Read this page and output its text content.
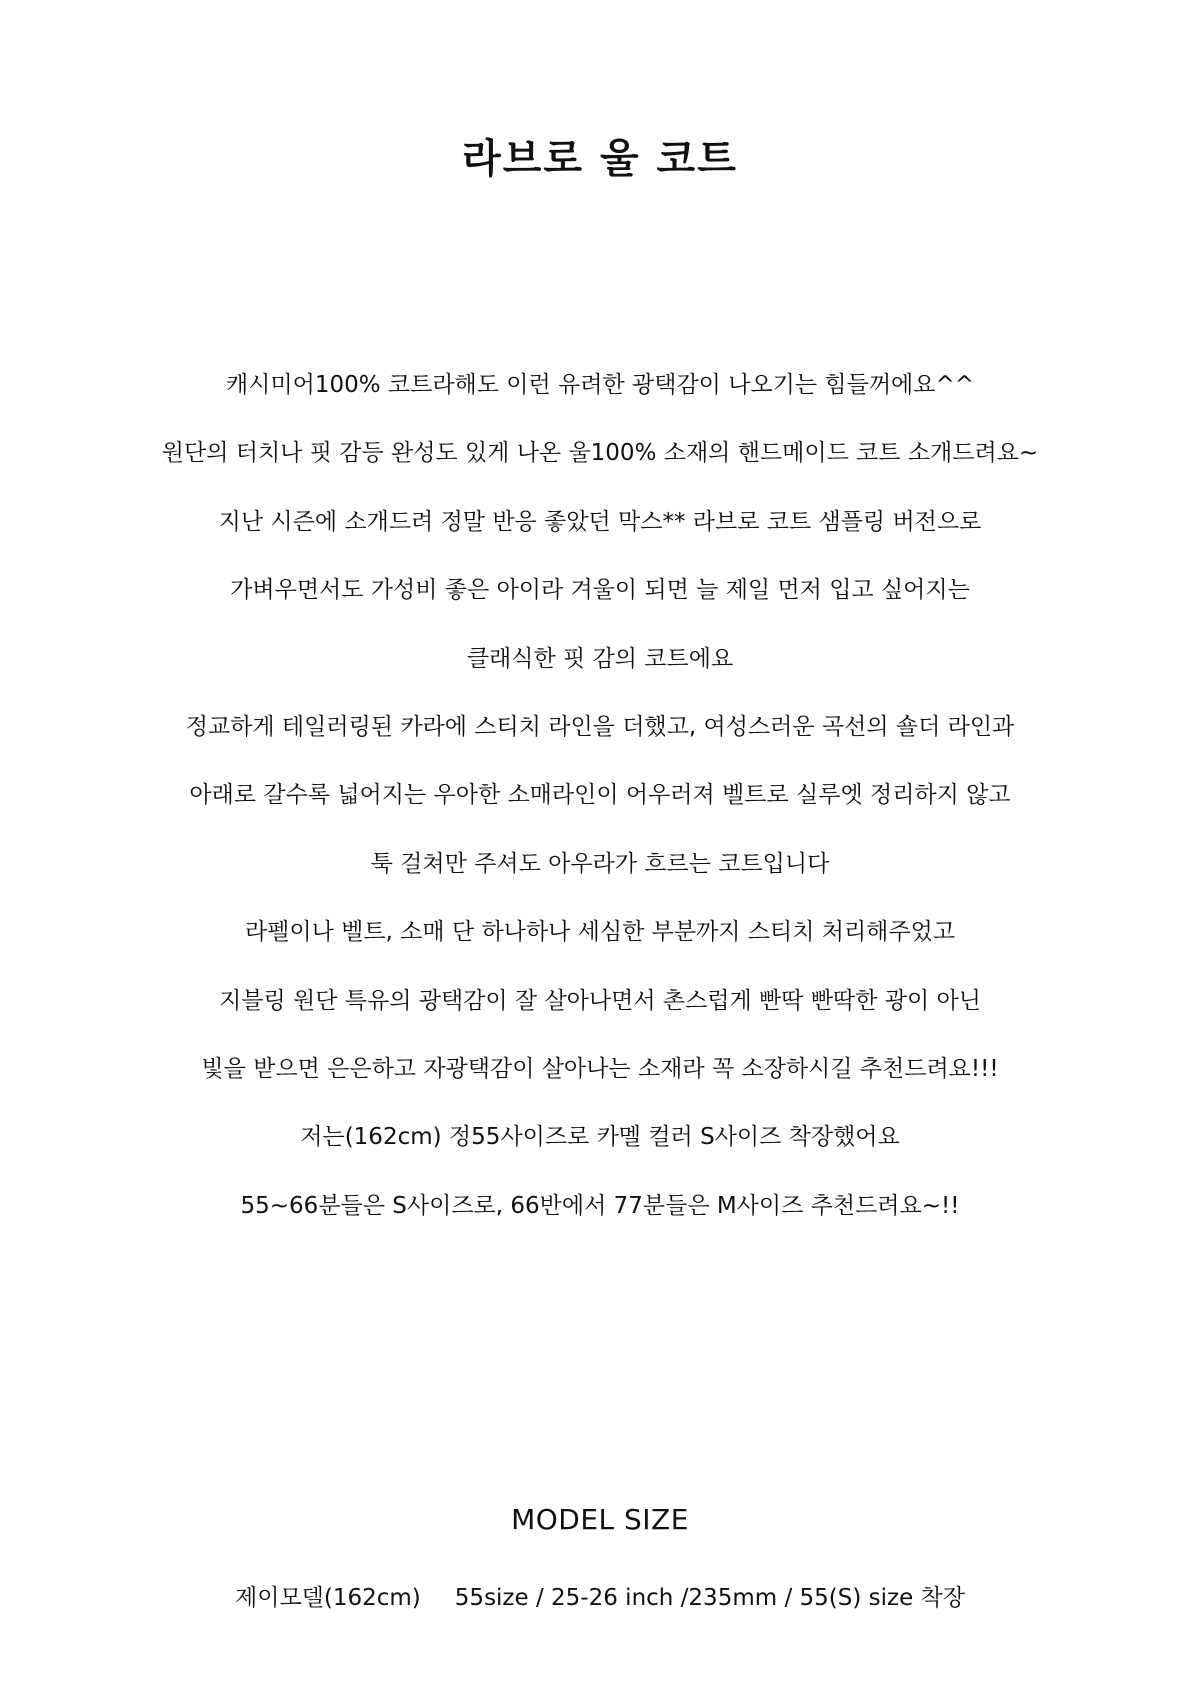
라브로 울 코트
캐시미어100% 코트라해도 이런 유려한 광택감이 나오기는 힘들꺼에요^^
원단의 터치나 핏 감등 완성도 있게 나온 울100% 소재의 핸드메이드 코트 소개드려요~
지난 시즌에 소개드려 정말 반응 좋았던 막스** 라브로 코트 샘플링 버전으로
가벼우면서도 가성비 좋은 아이라 겨울이 되면 늘 제일 먼저 입고 싶어지는
클래식한 핏 감의 코트에요
정교하게 테일러링된 카라에 스티치 라인을 더했고, 여성스러운 곡선의 숄더 라인과
아래로 갈수록 넓어지는 우아한 소매라인이 어우러져 벨트로 실루엣 정리하지 않고
툭 걸쳐만 주셔도 아우라가 흐르는 코트입니다
라펠이나 벨트, 소매 단 하나하나 세심한 부분까지 스티치 처리해주었고
지블링 원단 특유의 광택감이 잘 살아나면서 촌스럽게 빤딱 빤딱한 광이 아닌
빛을 받으면 은은하고 자광택감이 살아나는 소재라 꼭 소장하시길 추천드려요!!!
저는(162cm) 정55사이즈로 카멜 컬러 S사이즈 착장했어요
55~66분들은 S사이즈로, 66반에서 77분들은 M사이즈 추천드려요~!!
MODEL SIZE
제이모델(162cm) 55size / 25-26 inch /235mm / 55(S) size 착장
